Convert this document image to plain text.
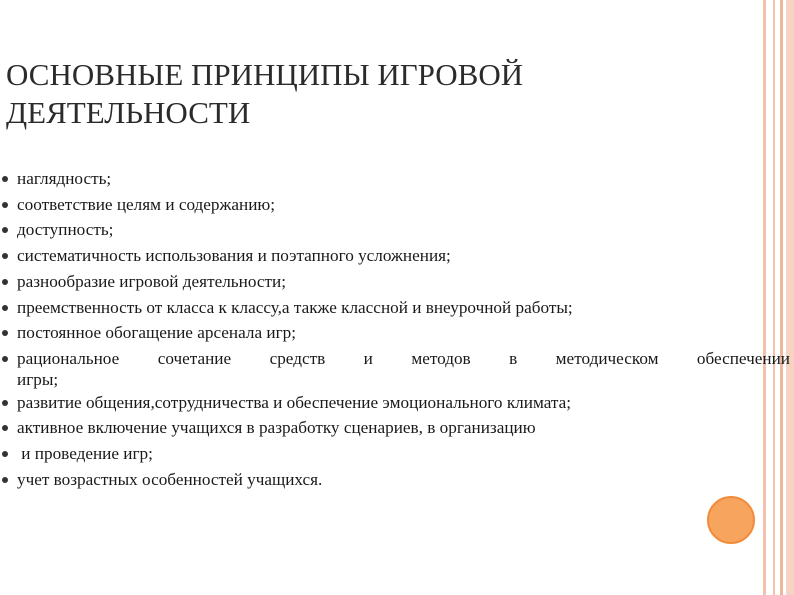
ОСНОВНЫЕ ПРИНЦИПЫ ИГРОВОЙ
ДЕЯТЕЛЬНОСТИ
наглядность;
соответствие целям и содержанию;
доступность;
систематичность использования и поэтапного усложнения;
разнообразие игровой деятельности;
преемственность от класса к классу,а также классной и внеурочной работы;
постоянное обогащение арсенала игр;
рациональное сочетание средств и методов в методическом обеспечении
игры;
развитие общения,сотрудничества и обеспечение эмоционального климата;
активное включение учащихся в разработку сценариев, в организацию
и проведение игр;
учет возрастных особенностей учащихся.
